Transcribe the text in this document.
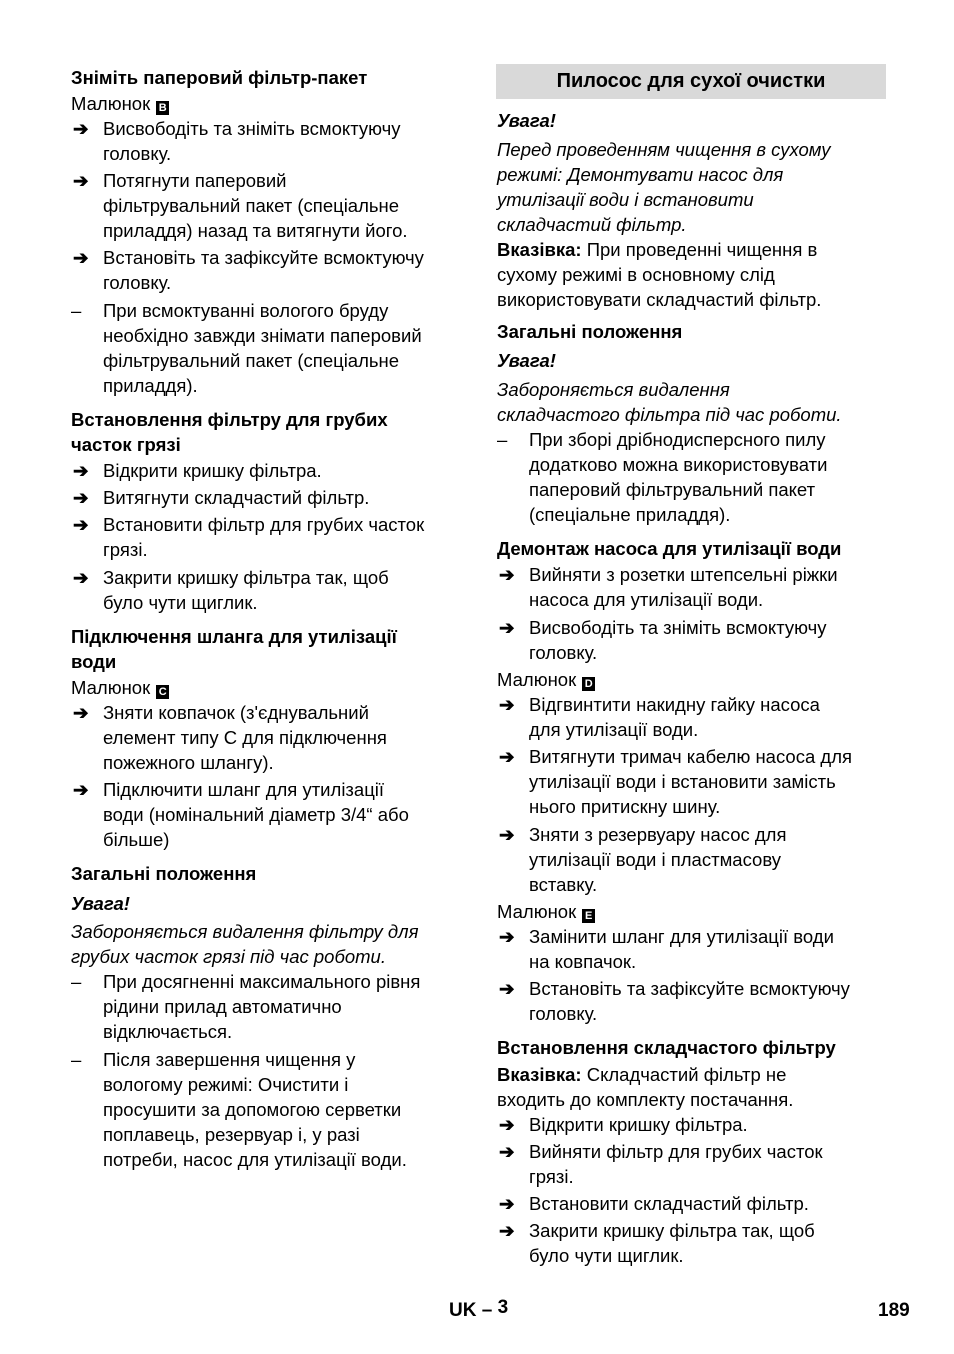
Зніміть паперовий фільтр-пакет
Малюнок B
➔ Висвободіть та зніміть всмоктуючу
головку.
➔ Потягнути паперовий
фільтрувальний пакет (спеціальне
приладдя) назад та витягнути його.
➔ Встановіть та зафіксуйте всмоктуючу
головку.
– При всмоктуванні вологого бруду
необхідно завжди знімати паперовий
фільтрувальний пакет (спеціальне
приладдя).
Встановлення фільтру для грубих
часток грязі
➔ Відкрити кришку фільтра.
➔ Витягнути складчастий фільтр.
➔ Встановити фільтр для грубих часток
грязі.
➔ Закрити кришку фільтра так, щоб
було чути щиглик.
Підключення шланга для утилізації
води
Малюнок C
➔ Зняти ковпачок (з'єднувальний
елемент типу С для підключення
пожежного шлангу).
➔ Підключити шланг для утилізації
води (номінальний діаметр 3/4“ або
більше)
Загальні положення
Увага!
Забороняється видалення фільтру для
грубих часток грязі під час роботи.
– При досягненні максимального рівня
рідини прилад автоматично
відключається.
– Після завершення чищення у
вологому режимі: Очистити і
просушити за допомогою серветки
поплавець, резервуар і, у разі
потреби, насос для утилізації води.
Пилосос для сухої очистки
Увага!
Перед проведенням чищення в сухому
режимі: Демонтувати насос для
утилізації води і встановити
складчастий фільтр.
Вказівка: При проведенні чищення в
сухому режимі в основному слід
використовувати складчастий фільтр.
Загальні положення
Увага!
Забороняється видалення
складчастого фільтра під час роботи.
– При зборі дрібнодисперсного пилу
додатково можна використовувати
паперовий фільтрувальний пакет
(спеціальне приладдя).
Демонтаж насоса для утилізації води
➔ Вийняти з розетки штепсельні ріжки
насоса для утилізації води.
➔ Висвободіть та зніміть всмоктуючу
головку.
Малюнок D
➔ Відгвинтити накидну гайку насоса
для утилізації води.
➔ Витягнути тримач кабелю насоса для
утилізації води і встановити замість
нього притискну шину.
➔ Зняти з резервуару насос для
утилізації води і пластмасову
вставку.
Малюнок E
➔ Замінити шланг для утилізації води
на ковпачок.
➔ Встановіть та зафіксуйте всмоктуючу
головку.
Встановлення складчастого фільтру
Вказівка: Складчастий фільтр не
входить до комплекту постачання.
➔ Відкрити кришку фільтра.
➔ Вийняти фільтр для грубих часток
грязі.
➔ Встановити складчастий фільтр.
➔ Закрити кришку фільтра так, щоб
було чути щиглик.
UK – 3	189
